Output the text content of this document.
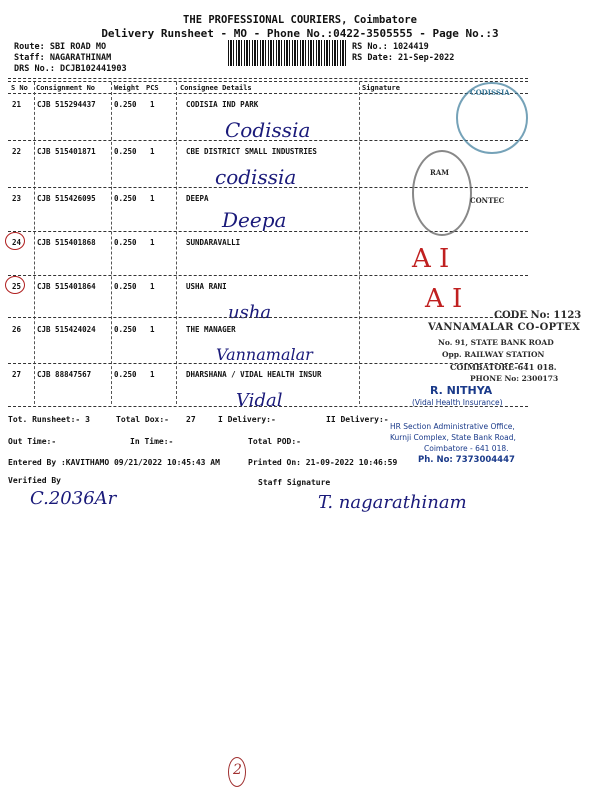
THE PROFESSIONAL COURIERS, Coimbatore
Delivery Runsheet - MO - Phone No.:0422-3505555 - Page No.:3
Route: SBI ROAD MO
Staff: NAGARATHINAM
DRS No.: DCJB102441903
RS No.: 1024419
RS Date: 21-Sep-2022
S No Consignment No	Weight PCS	Consignee Details	Signature
21 CJB 515294437 0.250 1	CODISIA IND PARK
Codissia
22 CJB 515401871 0.250 1	CBE DISTRICT SMALL INDUSTRIES
codissia
23 CJB 515426095 0.250 1	DEEPA
Deepa
24 CJB 515401868 0.250 1	SUNDARAVALLI
A I
25 CJB 515401864 0.250 1	USHA RANI	A I
usha
26 CJB 515424024 0.250 1	THE MANAGER
Vannamalar
27 CJB 88847567	0.250 1	DHARSHANA / VIDAL HEALTH INSUR
Vidal
CODISSIA
RAM
CONTEC
CODE No: 1123
VANNAMALAR CO-OPTEX
No. 91, STATE BANK ROAD
Opp. RAILWAY STATION
COIMBATORE-641 018.
PHONE No: 2300173
R. NITHYA
(Vidal Health Insurance)
HR Section Administrative Office,
Kurnji Complex, State Bank Road,
Coimbatore - 641 018.
Ph. No: 7373004447
Tot. Runsheet:- 3	Total Dox:- 27	I Delivery:-	II Delivery:-
Out Time:-	In Time:-	Total POD:-
Entered By :KAVITHAMO 09/21/2022 10:45:43 AM	Printed On: 21-09-2022 10:46:59
Verified By	Staff Signature
C.2036Ar	T. nagarathinam
2
